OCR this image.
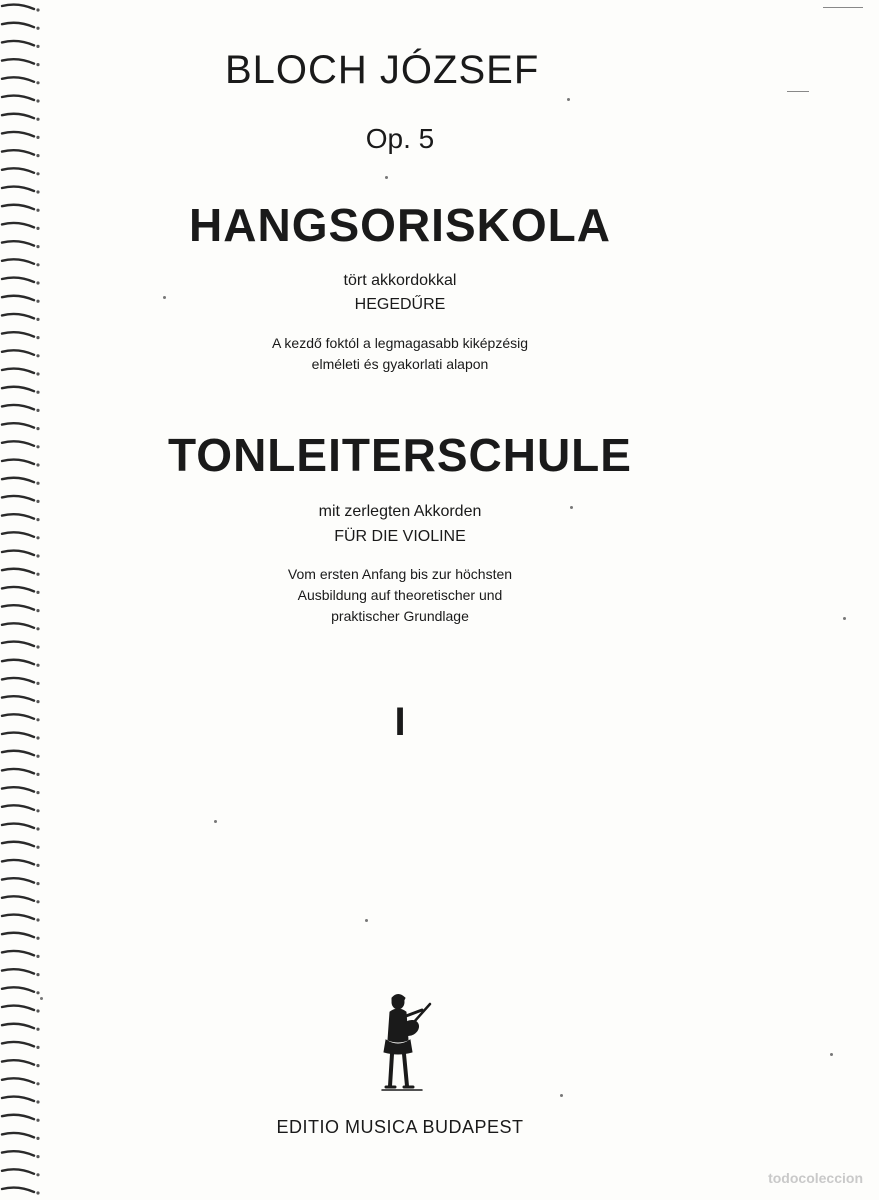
BLOCH JÓZSEF
Op. 5
HANGSORISKOLA
tört akkordokkal
HEGEDŰRE
A kezdő foktól a legmagasabb kiképzésig
elméleti és gyakorlati alapon
TONLEITERSCHULE
mit zerlegten Akkorden
FÜR DIE VIOLINE
Vom ersten Anfang bis zur höchsten
Ausbildung auf theoretischer und
praktischer Grundlage
I
EDITIO MUSICA BUDAPEST
todocoleccion
